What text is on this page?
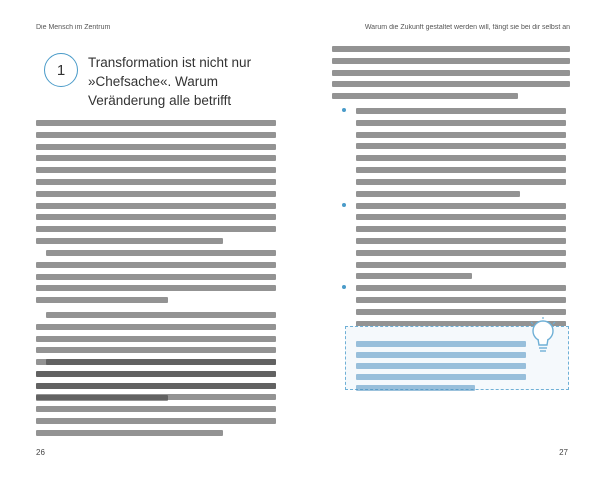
Die Mensch im Zentrum
1	Transformation ist nicht nur »Chefsache«. Warum Veränderung alle betrifft
26
Warum die Zukunft gestaltet werden will, fängt sie bei dir selbst an
27
